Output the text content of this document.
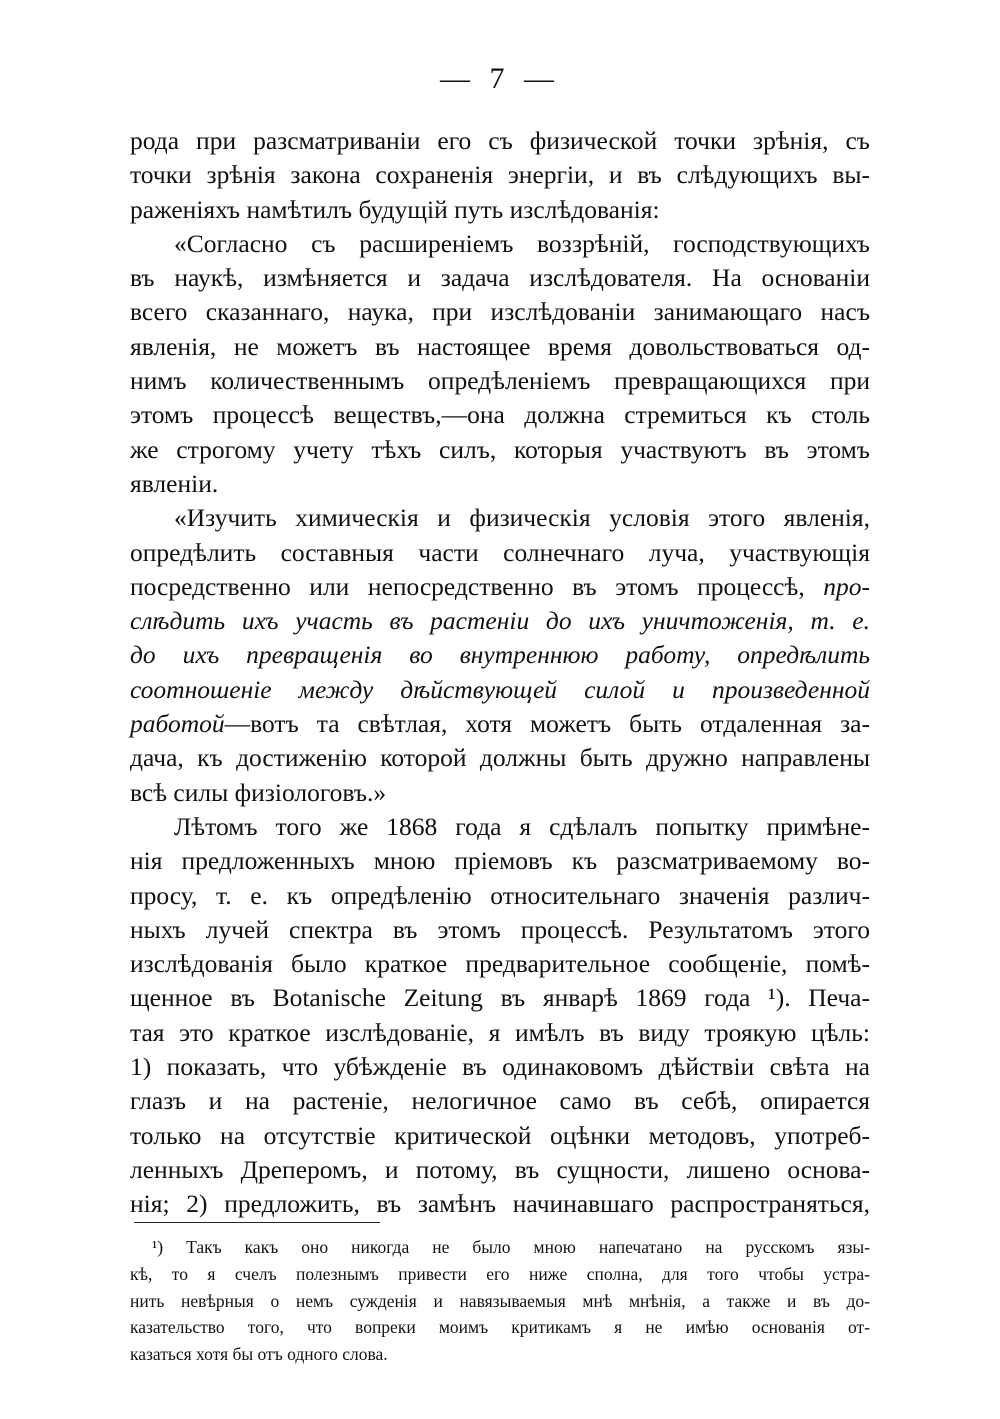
— 7 —
рода при разсматриванiи его съ физической точки зрѣнiя, съ
точки зрѣнiя закона сохраненiя энергiи, и въ слѣдующихъ вы-
раженiяхъ намѣтилъ будущiй путь изслѣдованiя:
«Согласно съ расширенiемъ воззрѣнiй, господствующихъ
въ наукѣ, измѣняется и задача изслѣдователя. На основанiи
всего сказаннаго, наука, при изслѣдованiи занимающаго насъ
явленiя, не можетъ въ настоящее время довольствоваться од-
нимъ количественнымъ опредѣленiемъ превращающихся при
этомъ процессѣ веществъ,—она должна стремиться къ столь
же строгому учету тѣхъ силъ, которыя участвуютъ въ этомъ
явленiи.
«Изучить химическiя и физическiя условiя этого явленiя,
опредѣлить составныя части солнечнаго луча, участвующiя
посредственно или непосредственно въ этомъ процессѣ, про-
слѣдить ихъ участь въ растенiи до ихъ уничтоженiя, т. е.
до ихъ превращенiя во внутреннюю работу, опредѣлить
соотношенiе между дѣйствующей силой и произведенной
работой—вотъ та свѣтлая, хотя можетъ быть отдаленная за-
дача, къ достиженiю которой должны быть дружно направлены
всѣ силы физiологовъ.»
Лѣтомъ того же 1868 года я сдѣлалъ попытку примѣне-
нiя предложенныхъ мною прiемовъ къ разсматриваемому во-
просу, т. е. къ опредѣленiю относительнаго значенiя различ-
ныхъ лучей спектра въ этомъ процессѣ. Результатомъ этого
изслѣдованiя было краткое предварительное сообщенiе, помѣ-
щенное въ Botanische Zeitung въ январѣ 1869 года ¹). Печа-
тая это краткое изслѣдованiе, я имѣлъ въ виду троякую цѣль:
1) показать, что убѣжденiе въ одинаковомъ дѣйствiи свѣта на
глазъ и на растенiе, нелогичное само въ себѣ, опирается
только на отсутствiе критической оцѣнки методовъ, употреб-
ленныхъ Дреперомъ, и потому, въ сущности, лишено основа-
нiя; 2) предложить, въ замѣнъ начинавшаго распространяться,
¹) Такъ какъ оно никогда не было мною напечатано на русскомъ язы-
кѣ, то я счелъ полезнымъ привести его ниже сполна, для того чтобы устра-
нить невѣрныя о немъ сужденiя и навязываемыя мнѣ мнѣнiя, а также и въ до-
казательство того, что вопреки моимъ критикамъ я не имѣю основанiя от-
казаться хотя бы отъ одного слова.
